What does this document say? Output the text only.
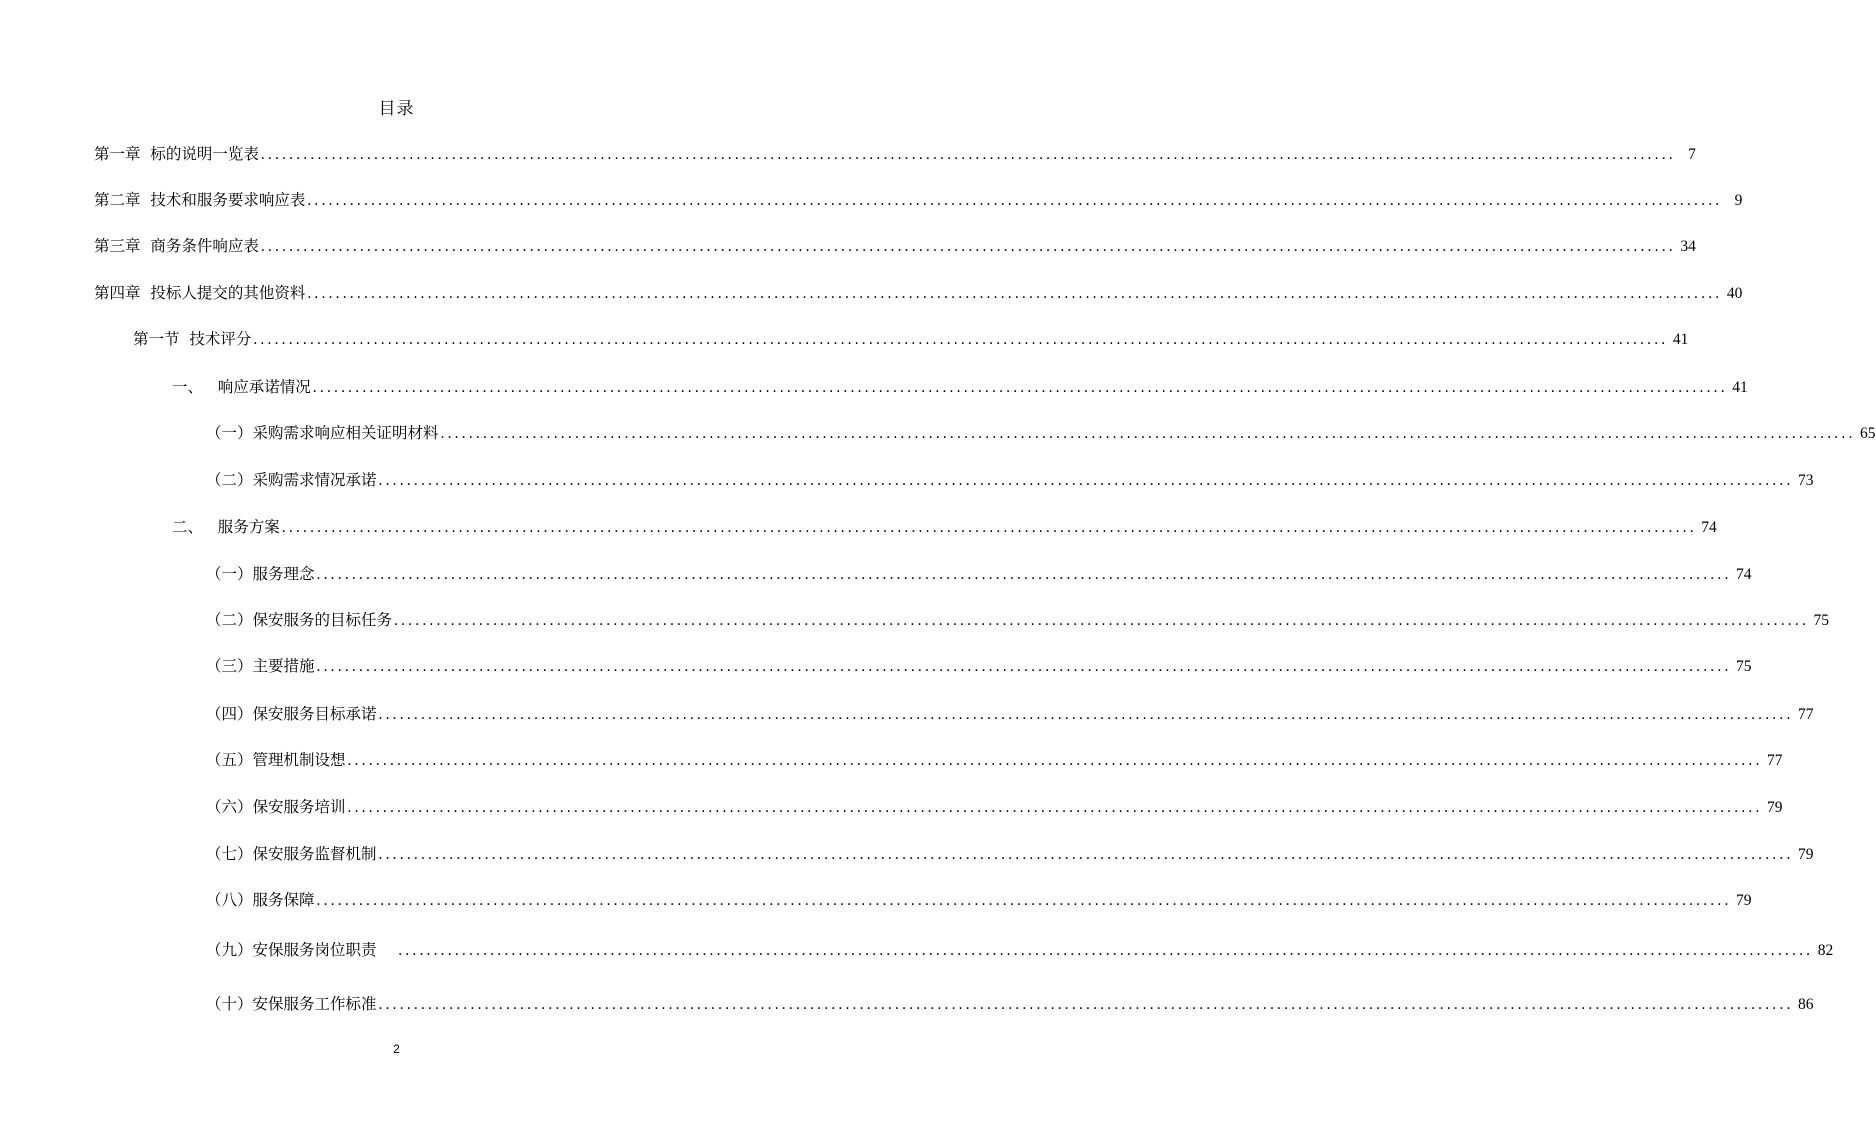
目录
第一章  标的说明一览表 ........................................................................................................................................................................................................ 7
第二章  技术和服务要求响应表 ........................................................................................................................................................................................................ 9
第三章  商务条件响应表 ........................................................................................................................................................................................................ 34
第四章  投标人提交的其他资料 ........................................................................................................................................................................................................ 40
第一节  技术评分 ........................................................................................................................................................................................................ 41
一、   响应承诺情况 ........................................................................................................................................................................................................ 41
（一）采购需求响应相关证明材料 ........................................................................................................................................................................................................ 65
（二）采购需求情况承诺 ........................................................................................................................................................................................................ 73
二、   服务方案 ........................................................................................................................................................................................................ 74
（一）服务理念 ........................................................................................................................................................................................................ 74
（二）保安服务的目标任务 ........................................................................................................................................................................................................ 75
（三）主要措施 ........................................................................................................................................................................................................ 75
（四）保安服务目标承诺 ........................................................................................................................................................................................................ 77
（五）管理机制设想 ........................................................................................................................................................................................................ 77
（六）保安服务培训 ........................................................................................................................................................................................................ 79
（七）保安服务监督机制 ........................................................................................................................................................................................................ 79
（八）服务保障 ........................................................................................................................................................................................................ 79
（九）安保服务岗位职责 ........................................................................................................................................................................................................ 82
（十）安保服务工作标准 ........................................................................................................................................................................................................ 86
2
